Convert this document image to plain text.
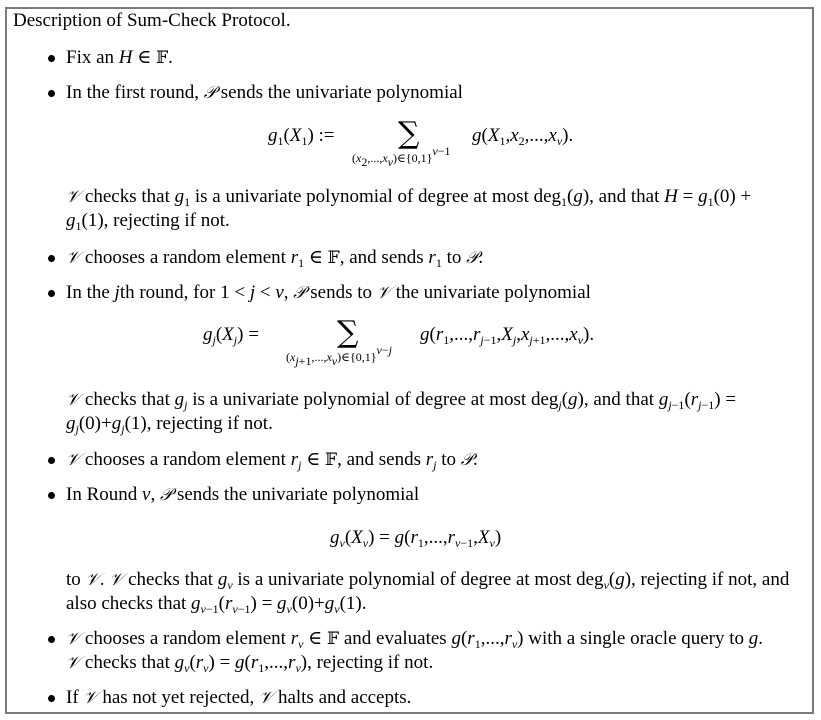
Description of Sum-Check Protocol.
Fix an H ∈ 𝔽.
In the first round, 𝒫 sends the univariate polynomial
$g_1(X_1)$ := ∑
$(x_2,...,x_v)\in\{0,1\}^{v-1}$
$g(X_1,x_2,...,x_v)$.
𝒱 checks that $g_1$ is a univariate polynomial of degree at most deg$_1$(g), and that $H = g_1(0)$ +
$g_1(1)$, rejecting if not.
𝒱 chooses a random element $r_1$ ∈ 𝔽, and sends $r_1$ to 𝒫.
In the jth round, for 1 < j < v, 𝒫 sends to 𝒱 the univariate polynomial
$g_j(X_j)$ =	∑
$(x_{j+1},...,x_v)\in\{0,1\}^{v-j}$
$g(r_1,...,r_{j-1},X_j,x_{j+1},...,x_v)$.
𝒱 checks that $g_j$ is a univariate polynomial of degree at most deg$_j$(g), and that $g_{j-1}(r_{j-1})$ =
$g_j(0)+g_j(1)$, rejecting if not.
𝒱 chooses a random element $r_j$ ∈ 𝔽, and sends $r_j$ to 𝒫.
In Round v, 𝒫 sends the univariate polynomial
$g_v(X_v) = g(r_1,...,r_{v-1},X_v)$
to 𝒱. 𝒱 checks that $g_v$ is a univariate polynomial of degree at most deg$_v$(g), rejecting if not, and
also checks that $g_{v-1}(r_{v-1}) = g_v(0)+g_v(1)$.
𝒱 chooses a random element $r_v$ ∈ 𝔽 and evaluates $g(r_1,...,r_v)$ with a single oracle query to g.
𝒱 checks that $g_v(r_v) = g(r_1,...,r_v)$, rejecting if not.
If 𝒱 has not yet rejected, 𝒱 halts and accepts.
